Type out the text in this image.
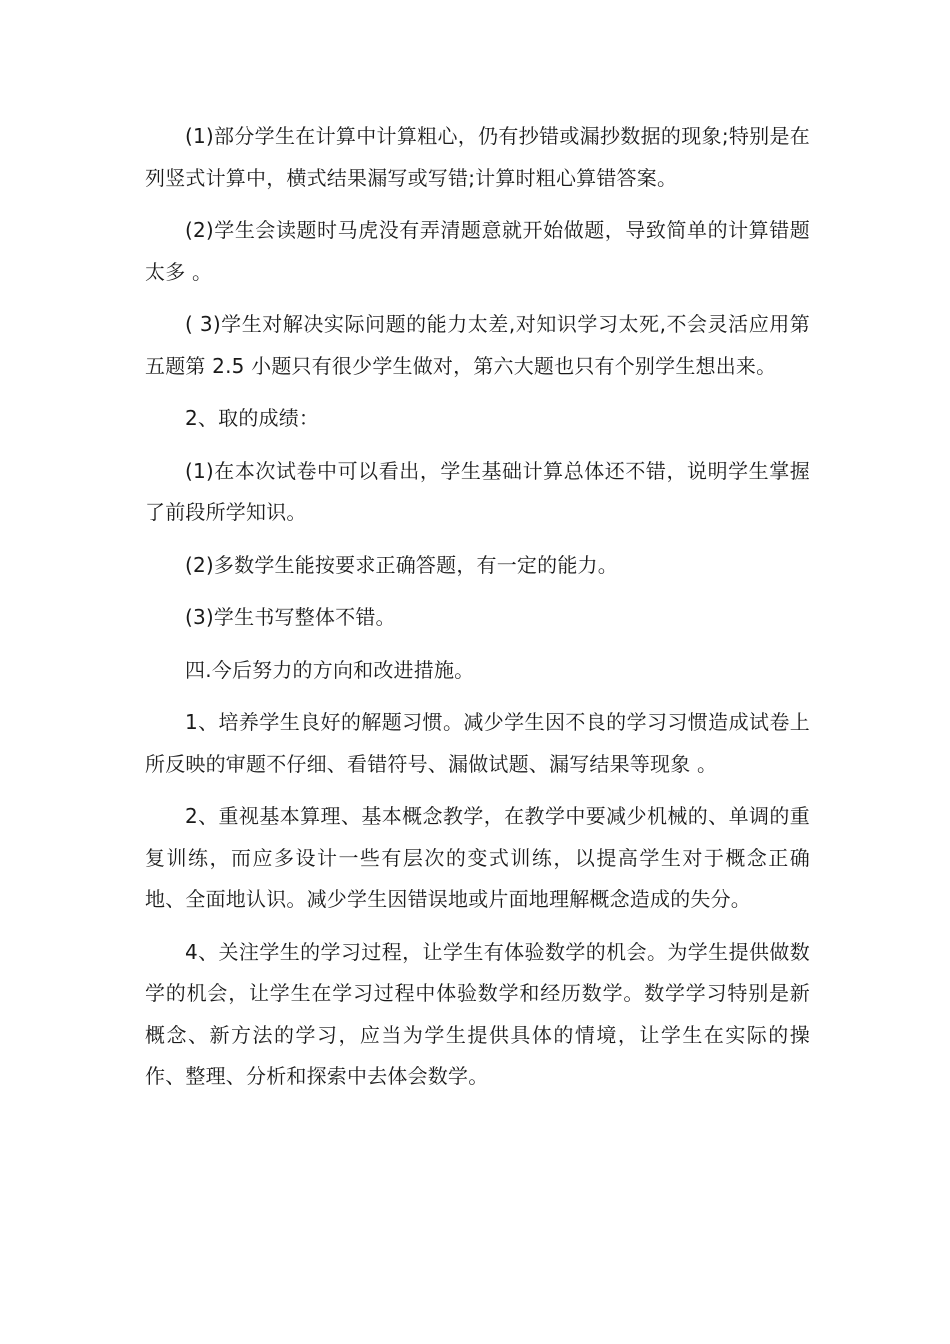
(1)部分学生在计算中计算粗心，仍有抄错或漏抄数据的现象;特别是在列竖式计算中，横式结果漏写或写错;计算时粗心算错答案。

(2)学生会读题时马虎没有弄清题意就开始做题，导致简单的计算错题太多 。

( 3)学生对解决实际问题的能力太差,对知识学习太死,不会灵活应用第五题第 2.5 小题只有很少学生做对，第六大题也只有个别学生想出来。

2、取的成绩：

(1)在本次试卷中可以看出，学生基础计算总体还不错，说明学生掌握了前段所学知识。

(2)多数学生能按要求正确答题，有一定的能力。

(3)学生书写整体不错。

四.今后努力的方向和改进措施。

1、培养学生良好的解题习惯。减少学生因不良的学习习惯造成试卷上所反映的审题不仔细、看错符号、漏做试题、漏写结果等现象 。

2、重视基本算理、基本概念教学，在教学中要减少机械的、单调的重复训练，而应多设计一些有层次的变式训练，以提高学生对于概念正确地、全面地认识。减少学生因错误地或片面地理解概念造成的失分。

4、关注学生的学习过程，让学生有体验数学的机会。为学生提供做数学的机会，让学生在学习过程中体验数学和经历数学。数学学习特别是新概念、新方法的学习，应当为学生提供具体的情境，让学生在实际的操作、整理、分析和探索中去体会数学。
